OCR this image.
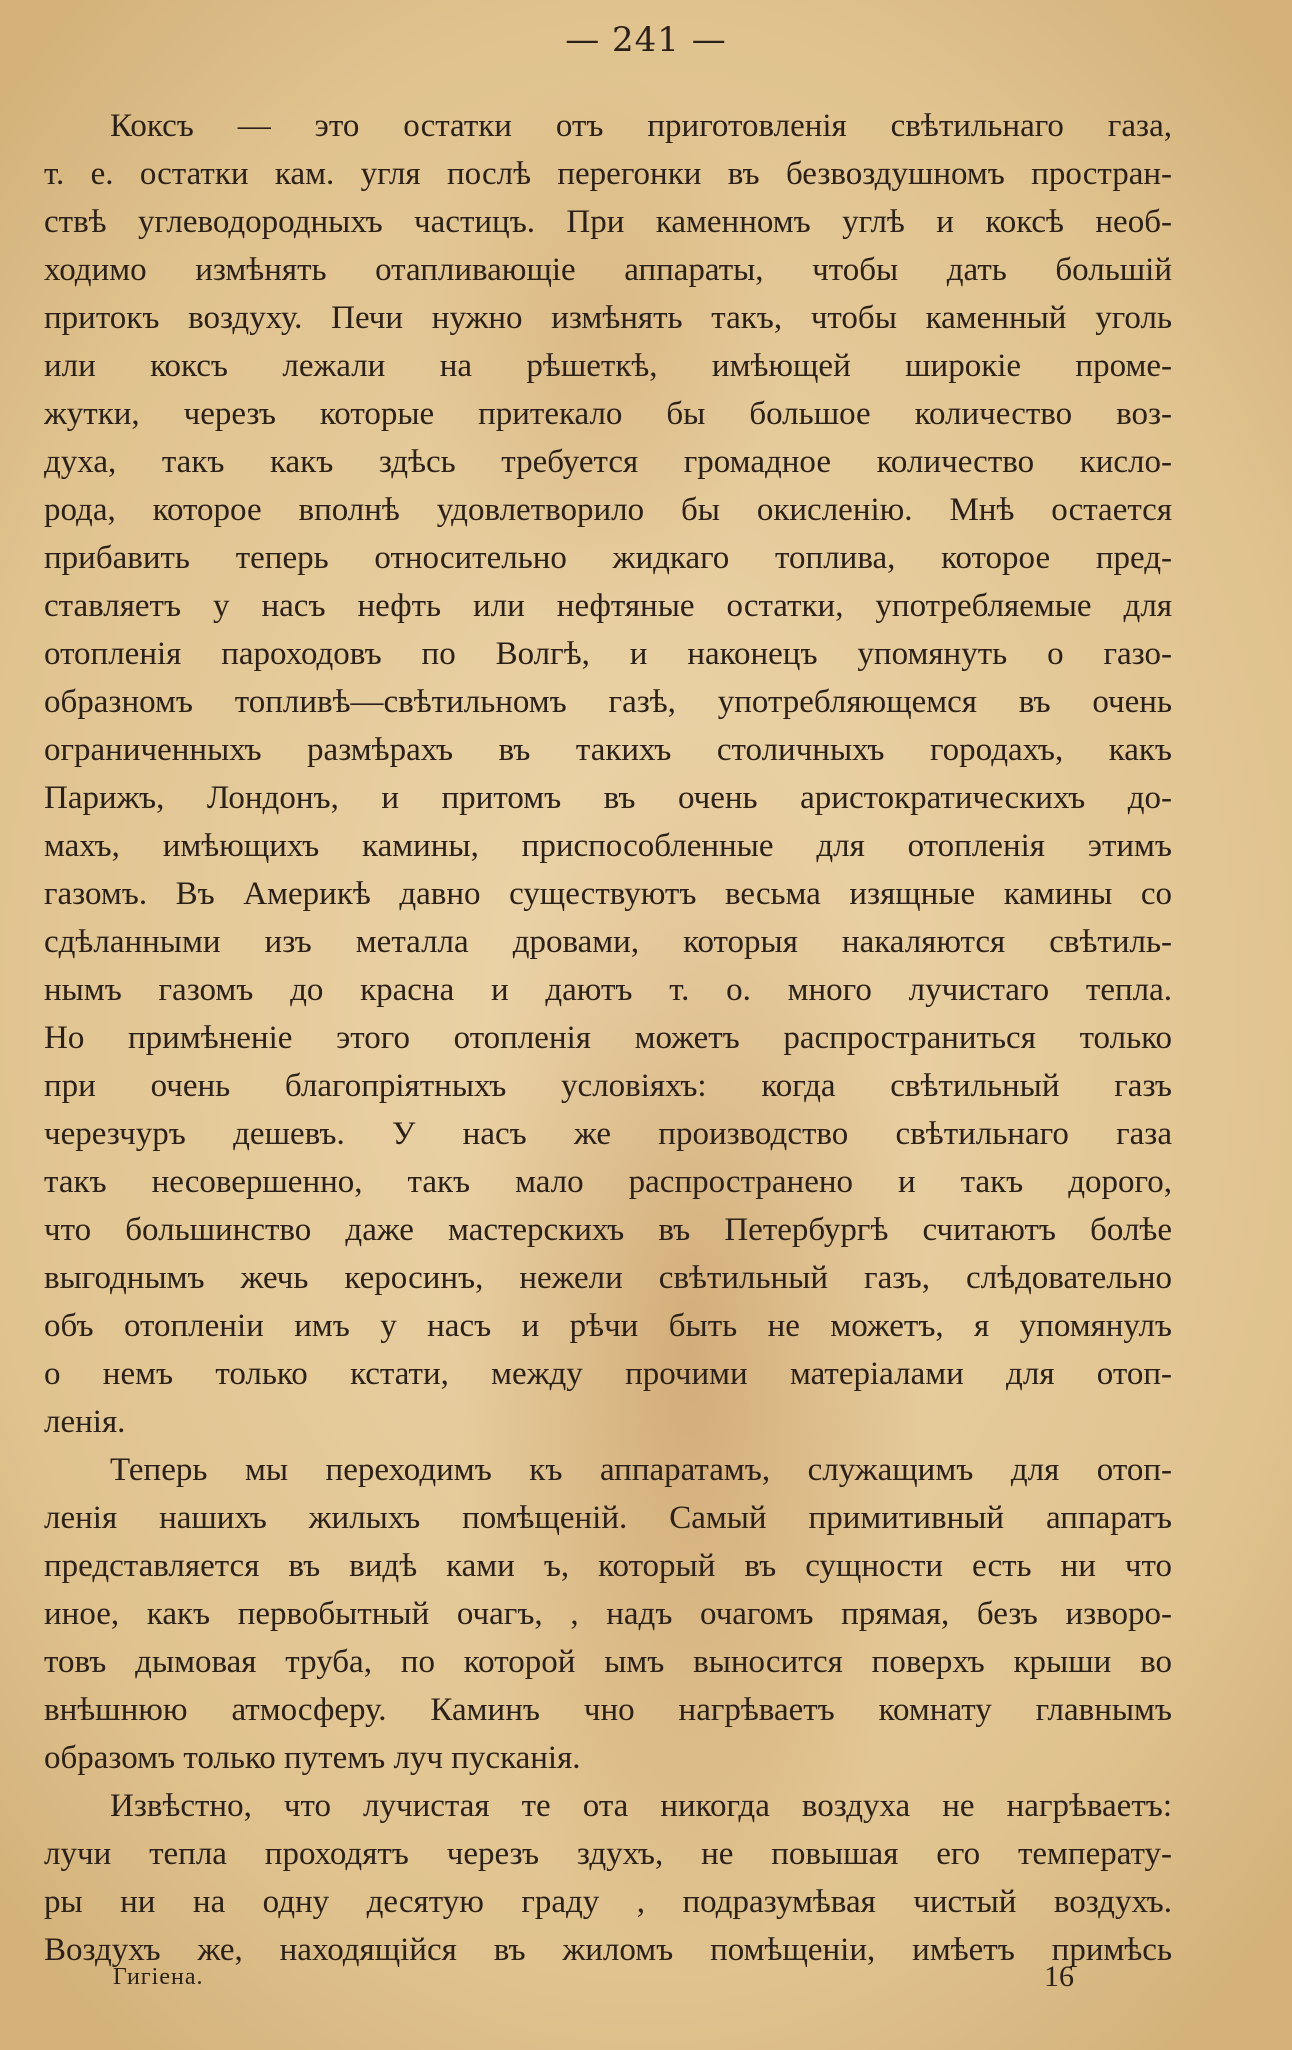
— 241 —
Коксъ — это остатки отъ приготовленія свѣтильнаго газа,
т. е. остатки кам. угля послѣ перегонки въ безвоздушномъ простран-
ствѣ углеводородныхъ частицъ. При каменномъ углѣ и коксѣ необ-
ходимо измѣнять отапливающіе аппараты, чтобы дать большій
притокъ воздуху. Печи нужно измѣнять такъ, чтобы каменный уголь
или коксъ лежали на рѣшеткѣ, имѣющей широкіе проме-
жутки, черезъ которые притекало бы большое количество воз-
духа, такъ какъ здѣсь требуется громадное количество кисло-
рода, которое вполнѣ удовлетворило бы окисленію. Мнѣ остается
прибавить теперь относительно жидкаго топлива, которое пред-
ставляетъ у насъ нефть или нефтяные остатки, употребляемые для
отопленія пароходовъ по Волгѣ, и наконецъ упомянуть о газо-
образномъ топливѣ—свѣтильномъ газѣ, употребляющемся въ очень
ограниченныхъ размѣрахъ въ такихъ столичныхъ городахъ, какъ
Парижъ, Лондонъ, и притомъ въ очень аристократическихъ до-
махъ, имѣющихъ камины, приспособленные для отопленія этимъ
газомъ. Въ Америкѣ давно существуютъ весьма изящные камины со
сдѣланными изъ металла дровами, которыя накаляются свѣтиль-
нымъ газомъ до красна и даютъ т. о. много лучистаго тепла.
Но примѣненіе этого отопленія можетъ распространиться только
при очень благопріятныхъ условіяхъ: когда свѣтильный газъ
черезчуръ дешевъ. У насъ же производство свѣтильнаго газа
такъ несовершенно, такъ мало распространено и такъ дорого,
что большинство даже мастерскихъ въ Петербургѣ считаютъ болѣе
выгоднымъ жечь керосинъ, нежели свѣтильный газъ, слѣдовательно
объ отопленіи имъ у насъ и рѣчи быть не можетъ, я упомянулъ
о немъ только кстати, между прочими матеріалами для отоп-
ленія.
Теперь мы переходимъ къ аппаратамъ, служащимъ для отоп-
ленія нашихъ жилыхъ помѣщеній. Самый примитивный аппаратъ
представляется въ видѣ ками ъ, который въ сущности есть ни что
иное, какъ первобытный очагъ, , надъ очагомъ прямая, безъ изворо-
товъ дымовая труба, по которой ымъ выносится поверхъ крыши во
внѣшнюю атмосферу. Каминъ чно нагрѣваетъ комнату главнымъ
образомъ только путемъ луч пусканія.
Извѣстно, что лучистая те ота никогда воздуха не нагрѣваетъ:
лучи тепла проходятъ черезъ здухъ, не повышая его температу-
ры ни на одну десятую граду , подразумѣвая чистый воздухъ.
Воздухъ же, находящійся въ жиломъ помѣщеніи, имѣетъ примѣсь
Гигіена.	16
